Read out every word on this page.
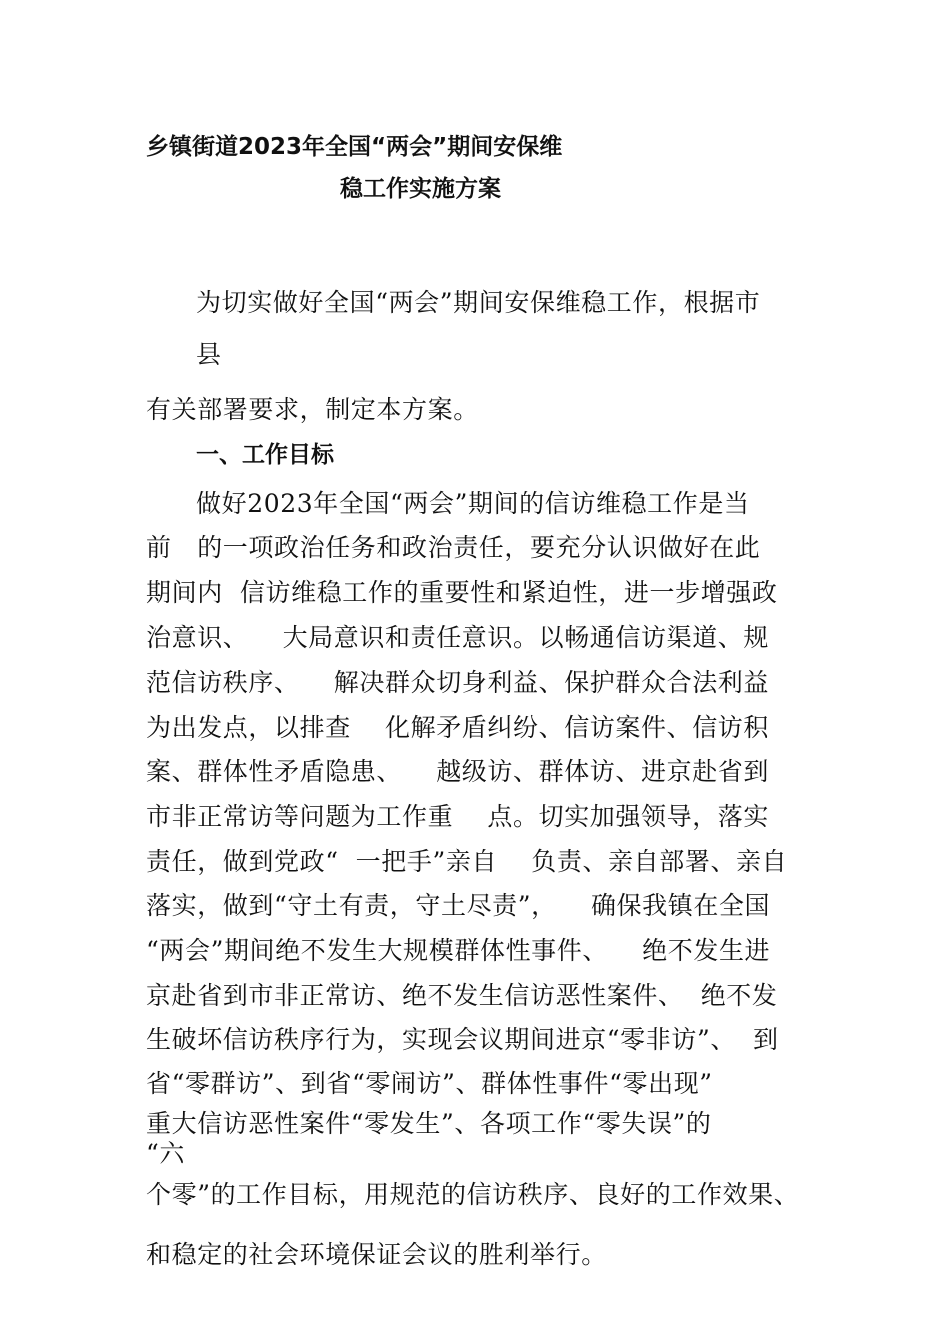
乡镇街道2023年全国“两会”期间安保维
稳工作实施方案
为切实做好全国“两会”期间安保维稳工作，根据市
县
有关部署要求，制定本方案。
一、工作目标
做好2023年全国“两会”期间的信访维稳工作是当
前　的一项政治任务和政治责任，要充分认识做好在此
期间内  信访维稳工作的重要性和紧迫性，进一步增强政
治意识、    大局意识和责任意识。以畅通信访渠道、规
范信访秩序、    解决群众切身利益、保护群众合法利益
为出发点，以排查    化解矛盾纠纷、信访案件、信访积
案、群体性矛盾隐患、    越级访、群体访、进京赴省到
市非正常访等问题为工作重    点。切实加强领导，落实
责任，做到党政“  一把手”亲自    负责、亲自部署、亲自
落实，做到“守土有责，守土尽责”，    确保我镇在全国
“两会”期间绝不发生大规模群体性事件、    绝不发生进
京赴省到市非正常访、绝不发生信访恶性案件、  绝不发
生破坏信访秩序行为，实现会议期间进京“零非访”、  到
省“零群访”、到省“零闹访”、群体性事件“零出现”
重大信访恶性案件“零发生”、各项工作“零失误”的
“六
个零”的工作目标，用规范的信访秩序、良好的工作效果、
和稳定的社会环境保证会议的胜利举行。
